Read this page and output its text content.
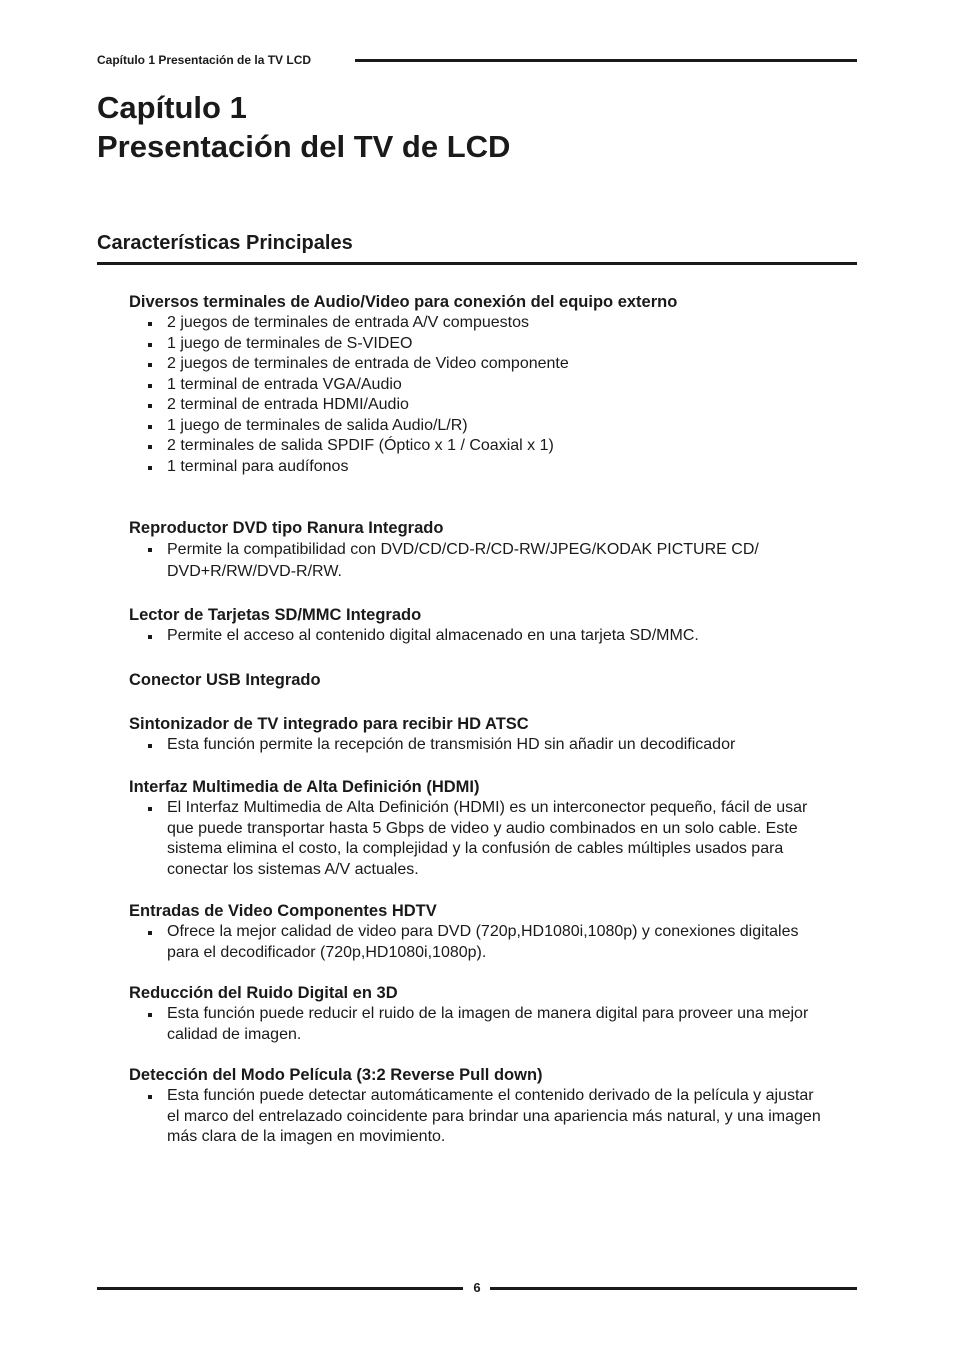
Capítulo 1 Presentación de la TV LCD
Capítulo 1
Presentación del TV de LCD
Características Principales
Diversos terminales de Audio/Video para conexión del equipo externo
2 juegos de terminales de entrada A/V compuestos
1 juego de terminales de S-VIDEO
2 juegos de terminales de entrada de Video componente
1 terminal de entrada VGA/Audio
2 terminal de entrada HDMI/Audio
1 juego de terminales de salida Audio/L/R)
2 terminales de salida SPDIF (Óptico x 1 / Coaxial x 1)
1 terminal para audífonos
Reproductor DVD tipo Ranura Integrado
Permite la compatibilidad con DVD/CD/CD-R/CD-RW/JPEG/KODAK PICTURE CD/ DVD+R/RW/DVD-R/RW.
Lector de Tarjetas SD/MMC Integrado
Permite el acceso al contenido digital almacenado en una tarjeta SD/MMC.
Conector USB Integrado
Sintonizador de TV integrado para recibir HD ATSC
Esta función permite la recepción de transmisión HD sin añadir un decodificador
Interfaz Multimedia de Alta Definición (HDMI)
El Interfaz Multimedia de Alta Definición (HDMI) es un interconector pequeño, fácil de usar que puede transportar hasta 5 Gbps de video y audio combinados en un solo cable. Este sistema elimina el costo, la complejidad y la confusión de cables múltiples usados para conectar los sistemas A/V actuales.
Entradas de Video Componentes HDTV
Ofrece la mejor calidad de video para DVD (720p,HD1080i,1080p) y conexiones digitales para el decodificador (720p,HD1080i,1080p).
Reducción del Ruido Digital en 3D
Esta función puede reducir el ruido de la imagen de manera digital para proveer una mejor calidad de imagen.
Detección del Modo Película (3:2 Reverse Pull down)
Esta función puede detectar automáticamente el contenido derivado de la película y ajustar el marco del entrelazado coincidente para brindar una apariencia más natural, y una imagen más clara de la imagen en movimiento.
6
